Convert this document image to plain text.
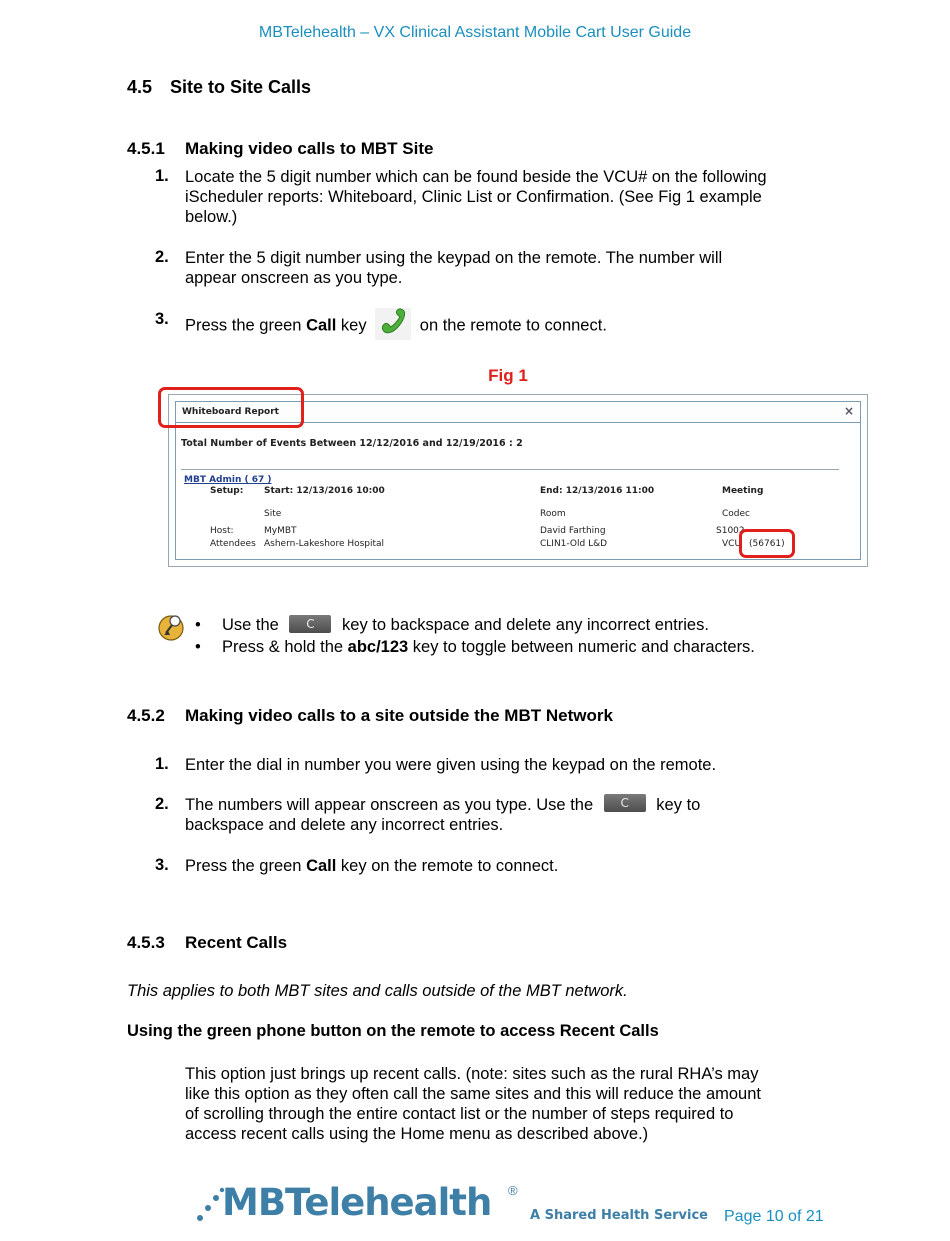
MBTelehealth – VX Clinical Assistant Mobile Cart User Guide
4.5 Site to Site Calls
4.5.1 Making video calls to MBT Site
1. Locate the 5 digit number which can be found beside the VCU# on the following
iScheduler reports: Whiteboard, Clinic List or Confirmation. (See Fig 1 example
below.)
2. Enter the 5 digit number using the keypad on the remote. The number will
appear onscreen as you type.
3. Press the green Call key	on the remote to connect.
Fig 1
Whiteboard Report	×
Total Number of Events Between 12/12/2016 and 12/19/2016 : 2
MBT Admin ( 67 )
Setup: Start: 12/13/2016 10:00	End: 12/13/2016 11:00	Meeting
Site	Room	Codec
Host:	MyMBT	David Farthing	S1002
Attendees Ashern-Lakeshore Hospital	CLIN1-Old L&D	VCU (56761)
• Use the C key to backspace and delete any incorrect entries.
• Press & hold the abc/123 key to toggle between numeric and characters.
4.5.2 Making video calls to a site outside the MBT Network
1. Enter the dial in number you were given using the keypad on the remote.
2. The numbers will appear onscreen as you type. Use the C key to
backspace and delete any incorrect entries.
3. Press the green Call key on the remote to connect.
4.5.3 Recent Calls
This applies to both MBT sites and calls outside of the MBT network.
Using the green phone button on the remote to access Recent Calls
This option just brings up recent calls. (note: sites such as the rural RHA’s may
like this option as they often call the same sites and this will reduce the amount
of scrolling through the entire contact list or the number of steps required to
access recent calls using the Home menu as described above.)
MBTelehealth ®
A Shared Health Service Page 10 of 21
